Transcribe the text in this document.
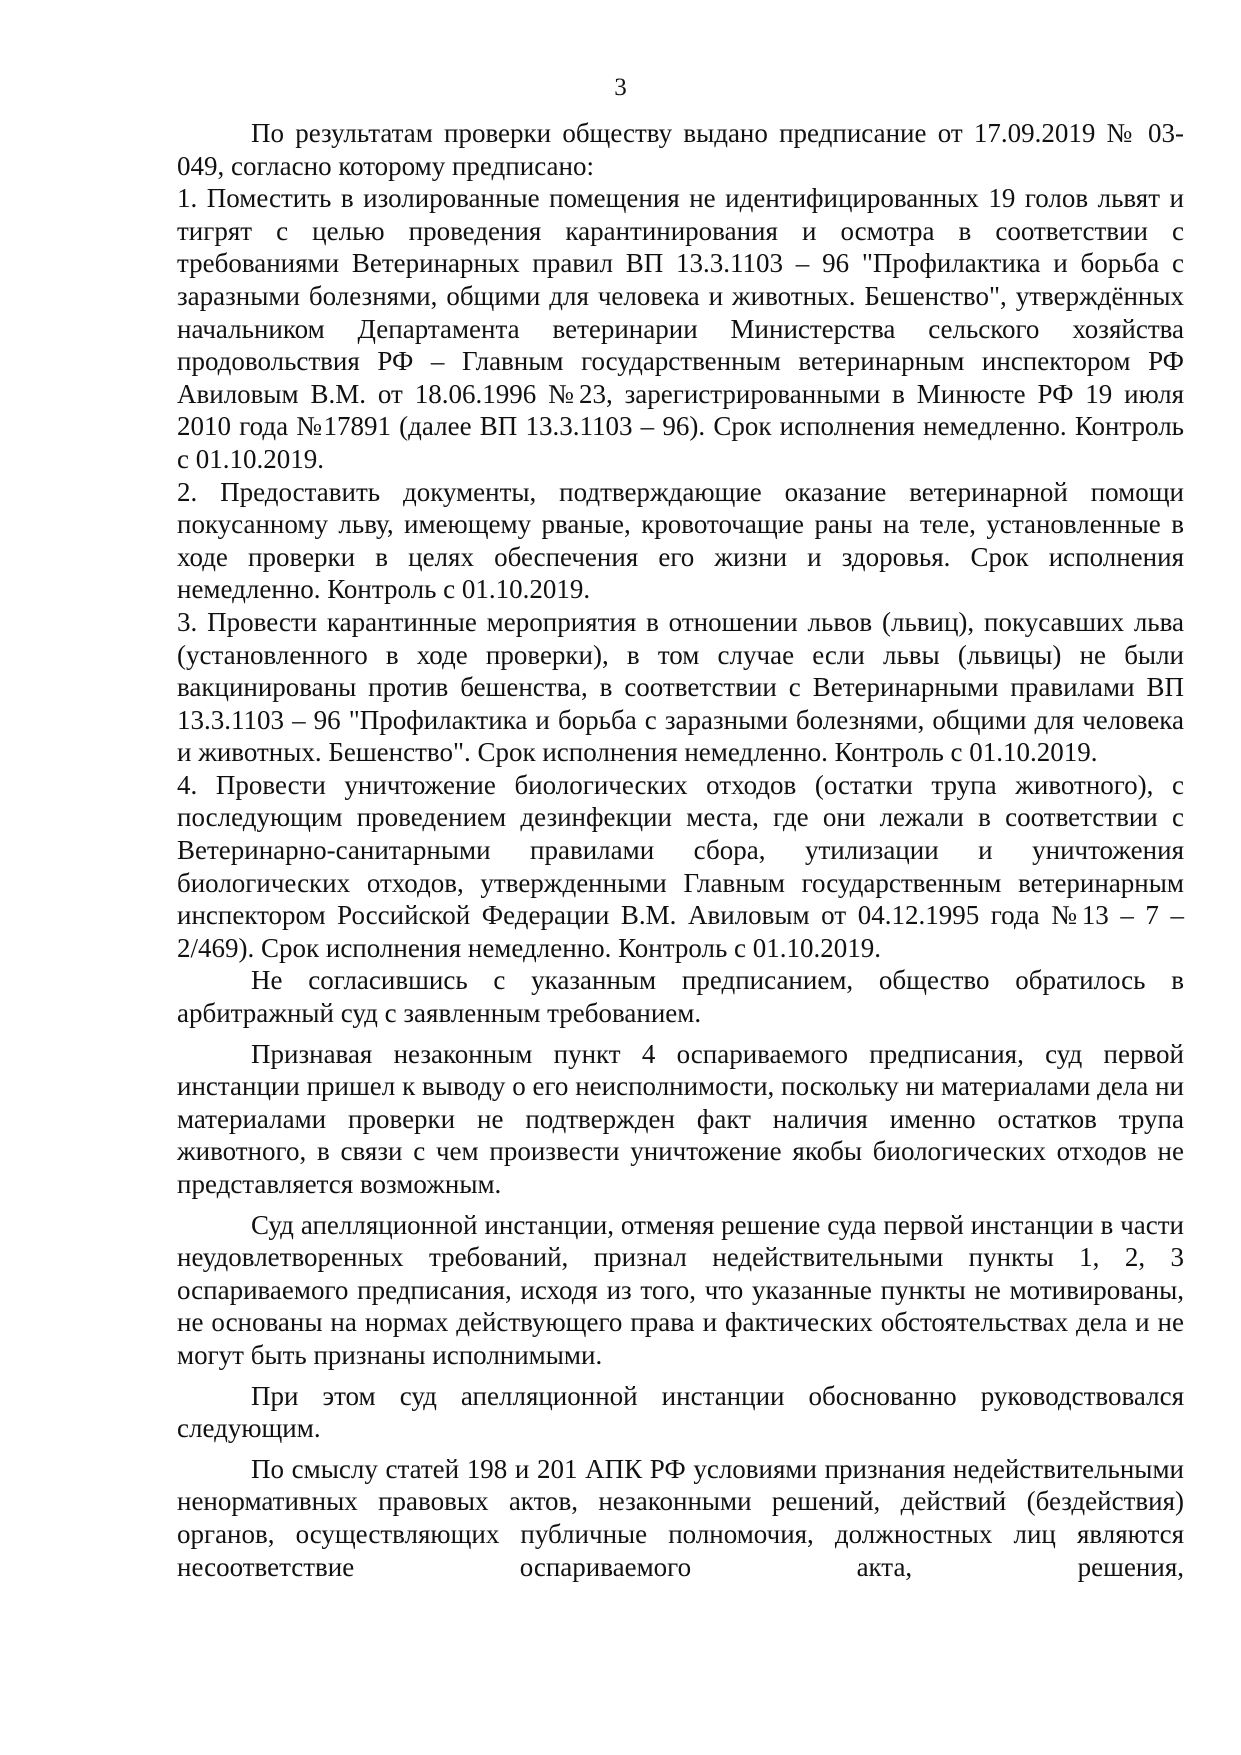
3

По результатам проверки обществу выдано предписание от 17.09.2019 № 03-049, согласно которому предписано:

1. Поместить в изолированные помещения не идентифицированных 19 голов львят и тигрят с целью проведения карантинирования и осмотра в соответствии с требованиями Ветеринарных правил ВП 13.3.1103 – 96 "Профилактика и борьба с заразными болезнями, общими для человека и животных. Бешенство", утверждённых начальником Департамента ветеринарии Министерства сельского хозяйства продовольствия РФ – Главным государственным ветеринарным инспектором РФ Авиловым В.М. от 18.06.1996 №23, зарегистрированными в Минюсте РФ 19 июля 2010 года №17891 (далее ВП 13.3.1103 – 96). Срок исполнения немедленно. Контроль с 01.10.2019.

2. Предоставить документы, подтверждающие оказание ветеринарной помощи покусанному льву, имеющему рваные, кровоточащие раны на теле, установленные в ходе проверки в целях обеспечения его жизни и здоровья. Срок исполнения немедленно. Контроль с 01.10.2019.

3. Провести карантинные мероприятия в отношении львов (львиц), покусавших льва (установленного в ходе проверки), в том случае если львы (львицы) не были вакцинированы против бешенства, в соответствии с Ветеринарными правилами ВП 13.3.1103 – 96 "Профилактика и борьба с заразными болезнями, общими для человека и животных. Бешенство". Срок исполнения немедленно. Контроль с 01.10.2019.

4. Провести уничтожение биологических отходов (остатки трупа животного), с последующим проведением дезинфекции места, где они лежали в соответствии с Ветеринарно-санитарными правилами сбора, утилизации и уничтожения биологических отходов, утвержденными Главным государственным ветеринарным инспектором Российской Федерации В.М. Авиловым от 04.12.1995 года №13 – 7 – 2/469). Срок исполнения немедленно. Контроль с 01.10.2019.

Не согласившись с указанным предписанием, общество обратилось в арбитражный суд с заявленным требованием.

Признавая незаконным пункт 4 оспариваемого предписания, суд первой инстанции пришел к выводу о его неисполнимости, поскольку ни материалами дела ни материалами проверки не подтвержден факт наличия именно остатков трупа животного, в связи с чем произвести уничтожение якобы биологических отходов не представляется возможным.

Суд апелляционной инстанции, отменяя решение суда первой инстанции в части неудовлетворенных требований, признал недействительными пункты 1, 2, 3 оспариваемого предписания, исходя из того, что указанные пункты не мотивированы, не основаны на нормах действующего права и фактических обстоятельствах дела и не могут быть признаны исполнимыми.

При этом суд апелляционной инстанции обоснованно руководствовался следующим.

По смыслу статей 198 и 201 АПК РФ условиями признания недействительными ненормативных правовых актов, незаконными решений, действий (бездействия) органов, осуществляющих публичные полномочия, должностных лиц являются несоответствие оспариваемого акта, решения,
